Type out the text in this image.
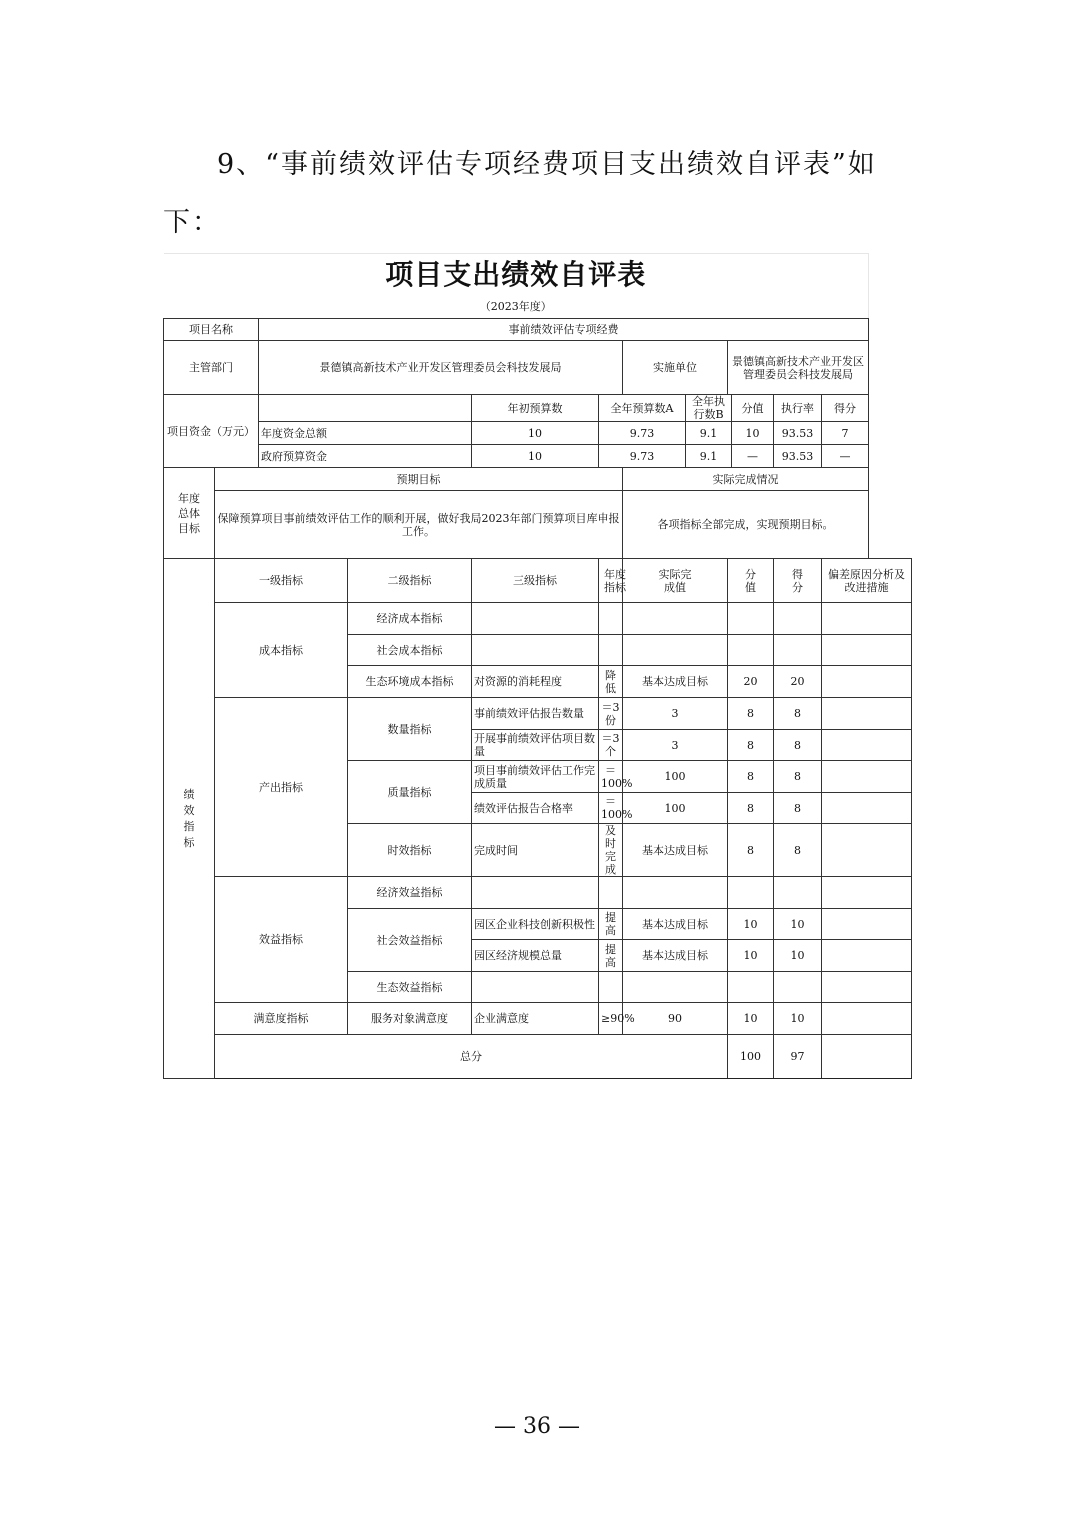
9、“事前绩效评估专项经费项目支出绩效自评表”如
下：
项目支出绩效自评表											
（2023年度）											
项目名称		事前绩效评估专项经费									
主管部门		景德镇高新技术产业开发区管理委员会科技发展局				实施单位		景德镇高新技术产业开发区管理委员会科技发展局			
项目资金（万元）				年初预算数	全年预算数A		全年执行数B		分值	执行率	得分
		年度资金总额		10	9.73		9.1		10	93.53	7
		政府预算资金		10	9.73		9.1		—	93.53	—

年度总体目标	预期目标					实际完成情况					
	保障预算项目事前绩效评估工作的顺利开展，做好我局2023年部门预算项目库申报工作。					各项指标全部完成，实现预期目标。					

绩效指标	一级指标		二级指标	三级指标	年度指标	实际完成值		分值		得分	偏差原因分析及改进措施

	成本指标		经济成本指标								
			社会成本指标								
			生态环境成本指标	对资源的消耗程度	降低	基本达成目标		20		20	
	产出指标		数量指标	事前绩效评估报告数量	＝3份	3		8		8	
				开展事前绩效评估项目数量	＝3个	3		8		8	
			质量指标	项目事前绩效评估工作完成质量	＝100%	100		8		8	
				绩效评估报告合格率	＝100%	100		8		8	
			时效指标	完成时间	及时完成	基本达成目标		8		8	
	效益指标		经济效益指标								
			社会效益指标	园区企业科技创新积极性	提高	基本达成目标		10		10	
				园区经济规模总量	提高	基本达成目标		10		10	
			生态效益指标								
	满意度指标		服务对象满意度	企业满意度	≥90%	90		10		10	
	总分							100		97	
— 36 —
